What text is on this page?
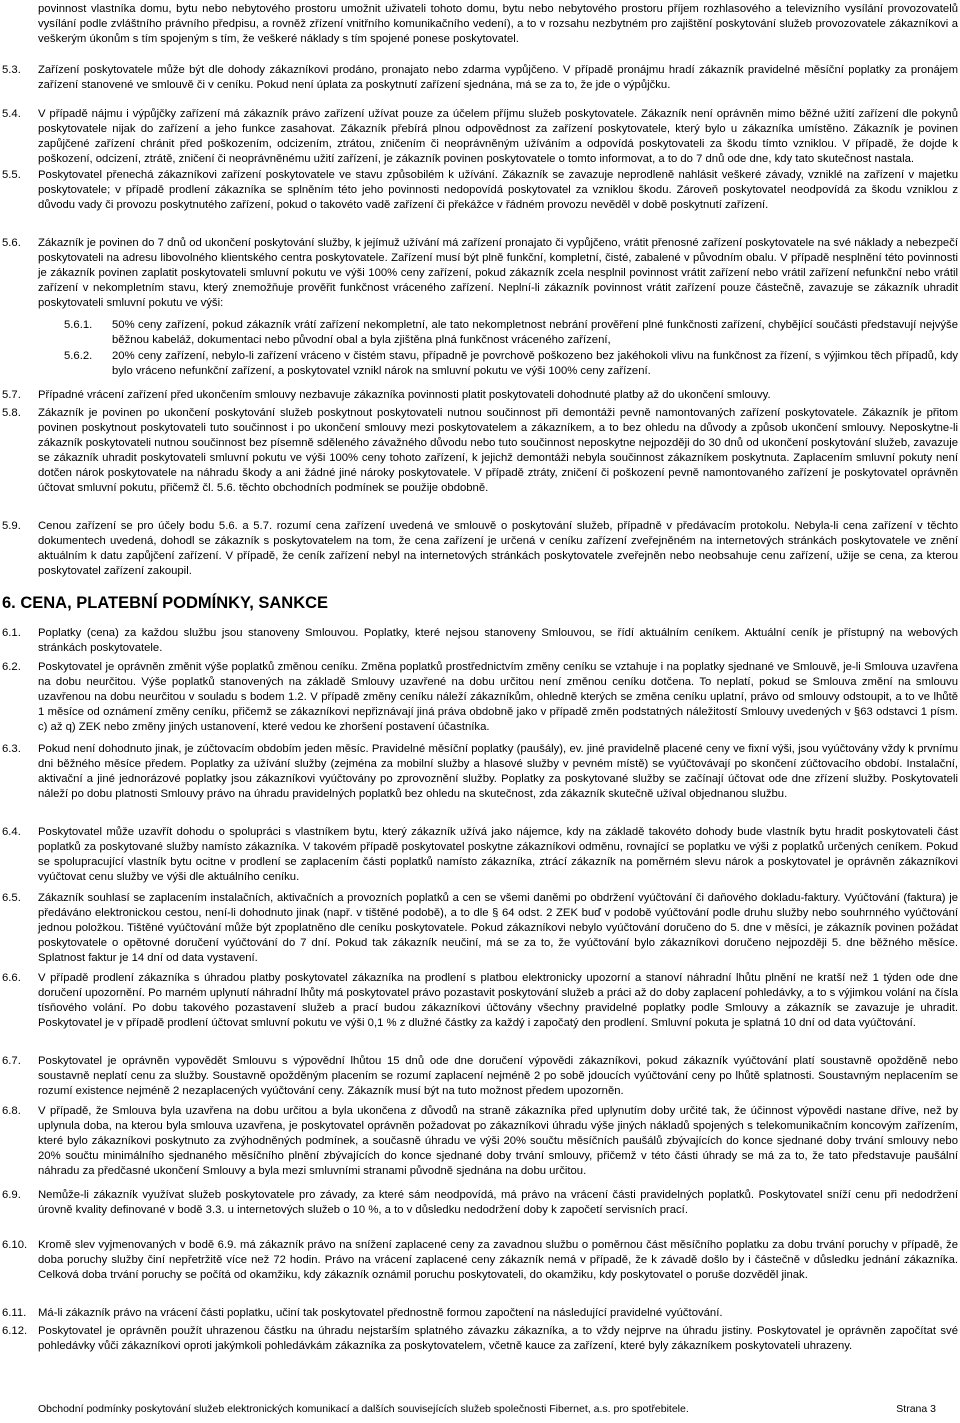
povinnost vlastníka domu, bytu nebo nebytového prostoru umožnit uživateli tohoto domu, bytu nebo nebytového prostoru příjem rozhlasového a televizního vysílání provozovatelů vysílání podle zvláštního právního předpisu, a rovněž zřízení vnitřního komunikačního vedení), a to v rozsahu nezbytném pro zajištění poskytování služeb provozovatele zákazníkovi a veškerým úkonům s tím spojeným s tím, že veškeré náklady s tím spojené ponese poskytovatel.

5.3.	Zařízení poskytovatele může být dle dohody zákazníkovi prodáno, pronajato nebo zdarma vypůjčeno. V případě pronájmu hradí zákazník pravidelné měsíční poplatky za pronájem zařízení stanovené ve smlouvě či v ceníku. Pokud není úplata za poskytnutí zařízení sjednána, má se za to, že jde o výpůjčku.
5.4.	V případě nájmu i výpůjčky zařízení má zákazník právo zařízení užívat pouze za účelem příjmu služeb poskytovatele. Zákazník není oprávněn mimo běžné užití zařízení dle pokynů poskytovatele nijak do zařízení a jeho funkce zasahovat. Zákazník přebírá plnou odpovědnost za zařízení poskytovatele, který bylo u zákazníka umístěno. Zákazník je povinen zapůjčené zařízení chránit před poškozením, odcizením, ztrátou, zničením či neoprávněným užíváním a odpovídá poskytovateli za škodu tímto vzniklou. V případě, že dojde k poškození, odcizení, ztrátě, zničení či neoprávněnému užití zařízení, je zákazník povinen poskytovatele o tomto informovat, a to do 7 dnů ode dne, kdy tato skutečnost nastala.
5.5.	Poskytovatel přenechá zákazníkovi zařízení poskytovatele ve stavu způsobilém k užívání. Zákazník se zavazuje neprodleně nahlásit veškeré závady, vzniklé na zařízení v majetku poskytovatele; v případě prodlení zákazníka se splněním této jeho povinnosti nedopovídá poskytovatel za vzniklou škodu. Zároveň poskytovatel neodpovídá za škodu vzniklou z důvodu vady či provozu poskytnutého zařízení, pokud o takovéto vadě zařízení či překážce v řádném provozu nevěděl v době poskytnutí zařízení.
5.6.	Zákazník je povinen do 7 dnů od ukončení poskytování služby, k jejímuž užívání má zařízení pronajato či vypůjčeno, vrátit přenosné zařízení poskytovatele na své náklady a nebezpečí poskytovateli na adresu libovolného klientského centra poskytovatele. Zařízení musí být plně funkční, kompletní, čisté, zabalené v původním obalu. V případě nesplnění této povinnosti je zákazník povinen zaplatit poskytovateli smluvní pokutu ve výši 100% ceny zařízení, pokud zákazník zcela nesplnil povinnost vrátit zařízení nebo vrátil zařízení nefunkční nebo vrátil zařízení v nekompletním stavu, který znemožňuje prověřit funkčnost vráceného zařízení. Neplní-li zákazník povinnost vrátit zařízení pouze částečně, zavazuje se zákazník uhradit poskytovateli smluvní pokutu ve výši:
5.6.1.	50% ceny zařízení, pokud zákazník vrátí zařízení nekompletní, ale tato nekompletnost nebrání prověření plné funkčnosti zařízení, chybějící součásti představují nejvýše běžnou kabeláž, dokumentaci nebo původní obal a byla zjištěna plná funkčnost vráceného zařízení,
5.6.2.	20% ceny zařízení, nebylo-li zařízení vráceno v čistém stavu, případně je povrchově poškozeno bez jakéhokoli vlivu na funkčnost za řízení, s výjimkou těch případů, kdy bylo vráceno nefunkční zařízení, a poskytovatel vznikl nárok na smluvní pokutu ve výši 100% ceny zařízení.
5.7.	Případné vrácení zařízení před ukončením smlouvy nezbavuje zákazníka povinnosti platit poskytovateli dohodnuté platby až do ukončení smlouvy.
5.8.	Zákazník je povinen po ukončení poskytování služeb poskytnout poskytovateli nutnou součinnost při demontáži pevně namontovaných zařízení poskytovatele. Zákazník je přitom povinen poskytnout poskytovateli tuto součinnost i po ukončení smlouvy mezi poskytovatelem a zákazníkem, a to bez ohledu na důvody a způsob ukončení smlouvy. Neposkytne-li zákazník poskytovateli nutnou součinnost bez písemně sděleného závažného důvodu nebo tuto součinnost neposkytne nejpozději do 30 dnů od ukončení poskytování služeb, zavazuje se zákazník uhradit poskytovateli smluvní pokutu ve výši 100% ceny tohoto zařízení, k jejichž demontáži nebyla součinnost zákazníkem poskytnuta. Zaplacením smluvní pokuty není dotčen nárok poskytovatele na náhradu škody a ani žádné jiné nároky poskytovatele. V případě ztráty, zničení či poškození pevně namontovaného zařízení je poskytovatel oprávněn účtovat smluvní pokutu, přičemž čl. 5.6. těchto obchodních podmínek se použije obdobně.
5.9.	Cenou zařízení se pro účely bodu 5.6. a 5.7. rozumí cena zařízení uvedená ve smlouvě o poskytování služeb, případně v předávacím protokolu. Nebyla-li cena zařízení v těchto dokumentech uvedená, dohodl se zákazník s poskytovatelem na tom, že cena zařízení je určená v ceníku zařízení zveřejněném na internetových stránkách poskytovatele ve znění aktuálním k datu zapůjčení zařízení. V případě, že ceník zařízení nebyl na internetových stránkách poskytovatele zveřejněn nebo neobsahuje cenu zařízení, užije se cena, za kterou poskytovatel zařízení zakoupil.
6. CENA, PLATEBNÍ PODMÍNKY, SANKCE
6.1.	Poplatky (cena) za každou službu jsou stanoveny Smlouvou. Poplatky, které nejsou stanoveny Smlouvou, se řídí aktuálním ceníkem. Aktuální ceník je přístupný na webových stránkách poskytovatele.
6.2.	Poskytovatel je oprávněn změnit výše poplatků změnou ceníku. Změna poplatků prostřednictvím změny ceníku se vztahuje i na poplatky sjednané ve Smlouvě, je-li Smlouva uzavřena na dobu neurčitou. Výše poplatků stanovených na základě Smlouvy uzavřené na dobu určitou není změnou ceníku dotčena. To neplatí, pokud se Smlouva změní na smlouvu uzavřenou na dobu neurčitou v souladu s bodem 1.2. V případě změny ceníku náleží zákazníkům, ohledně kterých se změna ceníku uplatní, právo od smlouvy odstoupit, a to ve lhůtě 1 měsíce od oznámení změny ceníku, přičemž se zákazníkovi nepřiznávají jiná práva obdobně jako v případě změn podstatných náležitostí Smlouvy uvedených v §63 odstavci 1 písm. c) až q) ZEK nebo změny jiných ustanovení, které vedou ke zhoršení postavení účastníka.
6.3.	Pokud není dohodnuto jinak, je zúčtovacím obdobím jeden měsíc. Pravidelné měsíční poplatky (paušály), ev. jiné pravidelně placené ceny ve fixní výši, jsou vyúčtovány vždy k prvnímu dni běžného měsíce předem. Poplatky za užívání služby (zejména za mobilní služby a hlasové služby v pevném místě) se vyúčtovávají po skončení zúčtovacího období. Instalační, aktivační a jiné jednorázové poplatky jsou zákazníkovi vyúčtovány po zprovoznění služby. Poplatky za poskytované služby se začínají účtovat ode dne zřízení služby. Poskytovateli náleží po dobu platnosti Smlouvy právo na úhradu pravidelných poplatků bez ohledu na skutečnost, zda zákazník skutečně užíval objednanou službu.
6.4.	Poskytovatel může uzavřít dohodu o spolupráci s vlastníkem bytu, který zákazník užívá jako nájemce, kdy na základě takovéto dohody bude vlastník bytu hradit poskytovateli část poplatků za poskytované služby namísto zákazníka. V takovém případě poskytovatel poskytne zákazníkovi odměnu, rovnající se poplatku ve výši z poplatků určených ceníkem. Pokud se spolupracující vlastník bytu ocitne v prodlení se zaplacením části poplatků namísto zákazníka, ztrácí zákazník na poměrném slevu nárok a poskytovatel je oprávněn zákazníkovi vyúčtovat cenu služby ve výši dle aktuálního ceníku.
6.5.	Zákazník souhlasí se zaplacením instalačních, aktivačních a provozních poplatků a cen se všemi daněmi po obdržení vyúčtování či daňového dokladu-faktury. Vyúčtování (faktura) je předáváno elektronickou cestou, není-li dohodnuto jinak (např. v tištěné podobě), a to dle § 64 odst. 2 ZEK buď v podobě vyúčtování podle druhu služby nebo souhrnného vyúčtování jednou položkou. Tištěné vyúčtování může být zpoplatněno dle ceníku poskytovatele. Pokud zákazníkovi nebylo vyúčtování doručeno do 5. dne v měsíci, je zákazník povinen požádat poskytovatele o opětovné doručení vyúčtování do 7 dní. Pokud tak zákazník neučiní, má se za to, že vyúčtování bylo zákazníkovi doručeno nejpozději 5. dne běžného měsíce. Splatnost faktur je 14 dní od data vystavení.
6.6.	V případě prodlení zákazníka s úhradou platby poskytovatel zákazníka na prodlení s platbou elektronicky upozorní a stanoví náhradní lhůtu plnění ne kratší než 1 týden ode dne doručení upozornění. Po marném uplynutí náhradní lhůty má poskytovatel právo pozastavit poskytování služeb a práci až do doby zaplacení pohledávky, a to s výjimkou volání na čísla tísňového volání. Po dobu takového pozastavení služeb a prací budou zákazníkovi účtovány všechny pravidelné poplatky podle Smlouvy a zákazník se zavazuje je uhradit. Poskytovatel je v případě prodlení účtovat smluvní pokutu ve výši 0,1 % z dlužné částky za každý i započatý den prodlení. Smluvní pokuta je splatná 10 dní od data vyúčtování.
6.7.	Poskytovatel je oprávněn vypovědět Smlouvu s výpovědní lhůtou 15 dnů ode dne doručení výpovědi zákazníkovi, pokud zákazník vyúčtování platí soustavně opožděně nebo soustavně neplatí cenu za služby. Soustavně opožděným placením se rozumí zaplacení nejméně 2 po sobě jdoucích vyúčtování ceny po lhůtě splatnosti. Soustavným neplacením se rozumí existence nejméně 2 nezaplacených vyúčtování ceny. Zákazník musí být na tuto možnost předem upozorněn.
6.8.	V případě, že Smlouva byla uzavřena na dobu určitou a byla ukončena z důvodů na straně zákazníka před uplynutím doby určité tak, že účinnost výpovědi nastane dříve, než by uplynula doba, na kterou byla smlouva uzavřena, je poskytovatel oprávněn požadovat po zákazníkovi úhradu výše jiných nákladů spojených s telekomunikačním koncovým zařízením, které bylo zákazníkovi poskytnuto za zvýhodněných podmínek, a současně úhradu ve výši 20% součtu měsíčních paušálů zbývajících do konce sjednané doby trvání smlouvy nebo 20% součtu minimálního sjednaného měsíčního plnění zbývajících do konce sjednané doby trvání smlouvy, přičemž v této části úhrady se má za to, že tato představuje paušální náhradu za předčasné ukončení Smlouvy a byla mezi smluvními stranami původně sjednána na dobu určitou.
6.9.	Nemůže-li zákazník využívat služeb poskytovatele pro závady, za které sám neodpovídá, má právo na vrácení části pravidelných poplatků. Poskytovatel sníží cenu při nedodržení úrovně kvality definované v bodě 3.3. u internetových služeb o 10 %, a to v důsledku nedodržení doby k započetí servisních prací.
6.10. Kromě slev vyjmenovaných v bodě 6.9. má zákazník právo na snížení zaplacené ceny za zavadnou službu o poměrnou část měsíčního poplatku za dobu trvání poruchy v případě, že doba poruchy služby činí nepřetržitě více než 72 hodin. Právo na vrácení zaplacené ceny zákazník nemá v případě, že k závadě došlo by i částečně v důsledku jednání zákazníka. Celková doba trvání poruchy se počítá od okamžiku, kdy zákazník oznámil poruchu poskytovateli, do okamžiku, kdy poskytovatel o poruše dozvěděl jinak.
6.11.	Má-li zákazník právo na vrácení části poplatku, učiní tak poskytovatel přednostně formou započtení na následující pravidelné vyúčtování.
6.12. Poskytovatel je oprávněn použít uhrazenou částku na úhradu nejstarším splatného závazku zákazníka, a to vždy nejprve na úhradu jistiny. Poskytovatel je oprávněn započítat své pohledávky vůči zákazníkovi oproti jakýmkoli pohledávkám zákazníka za poskytovatelem, včetně kauce za zařízení, které byly zákazníkem poskytovateli uhrazeny.
Obchodní podmínky poskytování služeb elektronických komunikací a dalších souvisejících služeb společnosti Fibernet, a.s. pro spotřebitele.	Strana 3
